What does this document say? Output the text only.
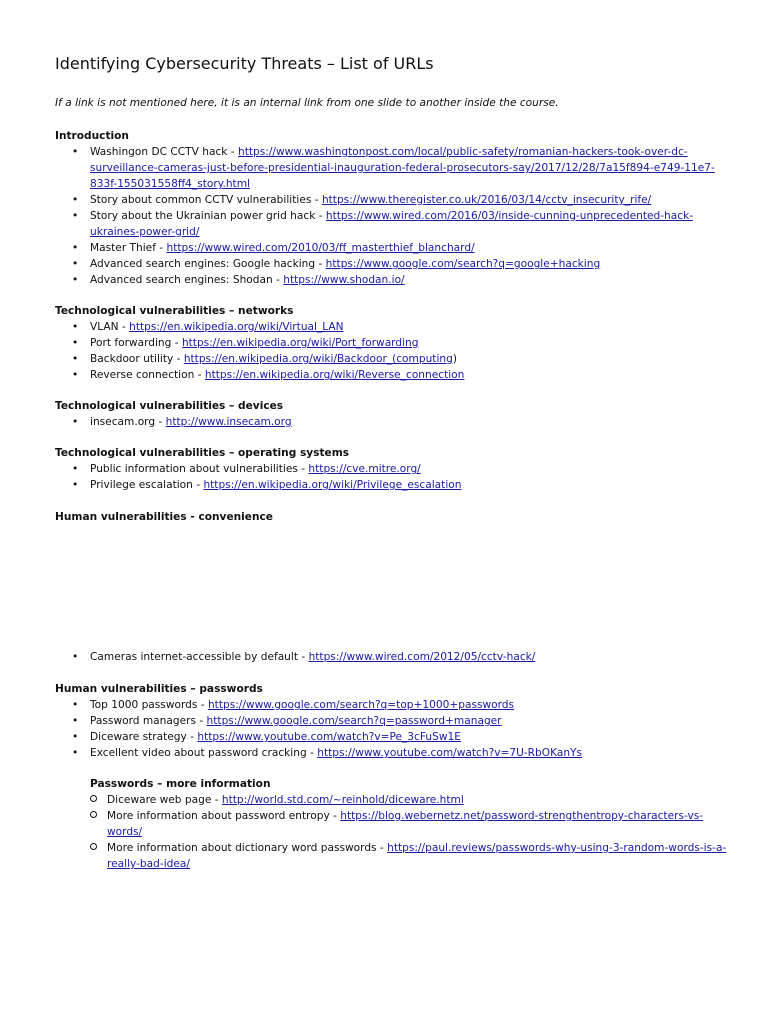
Identifying Cybersecurity Threats – List of URLs

If a link is not mentioned here, it is an internal link from one slide to another inside the course.

Introduction
• Washingon DC CCTV hack - https://www.washingtonpost.com/local/public-safety/romanian-hackers-took-over-dc-surveillance-cameras-just-before-presidential-inauguration-federal-prosecutors-say/2017/12/28/7a15f894-e749-11e7-833f-155031558ff4_story.html
• Story about common CCTV vulnerabilities - https://www.theregister.co.uk/2016/03/14/cctv_insecurity_rife/
• Story about the Ukrainian power grid hack - https://www.wired.com/2016/03/inside-cunning-unprecedented-hack-ukraines-power-grid/
• Master Thief - https://www.wired.com/2010/03/ff_masterthief_blanchard/
• Advanced search engines: Google hacking - https://www.google.com/search?q=google+hacking
• Advanced search engines: Shodan - https://www.shodan.io/
Technological vulnerabilities – networks
• VLAN - https://en.wikipedia.org/wiki/Virtual_LAN
• Port forwarding - https://en.wikipedia.org/wiki/Port_forwarding
• Backdoor utility - https://en.wikipedia.org/wiki/Backdoor_(computing)
• Reverse connection - https://en.wikipedia.org/wiki/Reverse_connection
Technological vulnerabilities – devices
• insecam.org - http://www.insecam.org
Technological vulnerabilities – operating systems
• Public information about vulnerabilities - https://cve.mitre.org/
• Privilege escalation - https://en.wikipedia.org/wiki/Privilege_escalation
Human vulnerabilities - convenience
• Cameras internet-accessible by default - https://www.wired.com/2012/05/cctv-hack/
Human vulnerabilities – passwords
• Top 1000 passwords - https://www.google.com/search?q=top+1000+passwords
• Password managers - https://www.google.com/search?q=password+manager
• Diceware strategy - https://www.youtube.com/watch?v=Pe_3cFuSw1E
• Excellent video about password cracking - https://www.youtube.com/watch?v=7U-RbOKanYs
Passwords – more information
Diceware web page - http://world.std.com/~reinhold/diceware.html
More information about password entropy - https://blog.webernetz.net/password-strengthentropy-characters-vs-words/
More information about dictionary word passwords - https://paul.reviews/passwords-why-using-3-random-words-is-a-really-bad-idea/
